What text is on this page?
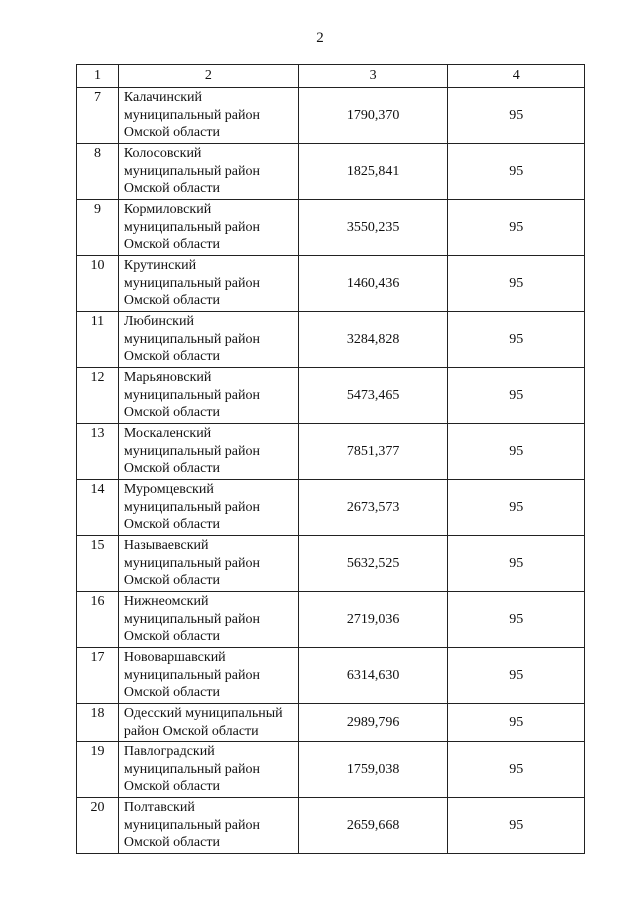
2
1	2	3	4
7	Калачинский
муниципальный район
Омской области	1790,370	95
8	Колосовский
муниципальный район
Омской области	1825,841	95
9	Кормиловский
муниципальный район
Омской области	3550,235	95
10	Крутинский
муниципальный район
Омской области	1460,436	95
11	Любинский
муниципальный район
Омской области	3284,828	95
12	Марьяновский
муниципальный район
Омской области	5473,465	95
13	Москаленский
муниципальный район
Омской области	7851,377	95
14	Муромцевский
муниципальный район
Омской области	2673,573	95
15	Называевский
муниципальный район
Омской области	5632,525	95
16	Нижнеомский
муниципальный район
Омской области	2719,036	95
17	Нововаршавский
муниципальный район
Омской области	6314,630	95
18	Одесский муниципальный
район Омской области	2989,796	95
19	Павлоградский
муниципальный район
Омской области	1759,038	95
20	Полтавский
муниципальный район
Омской области	2659,668	95
